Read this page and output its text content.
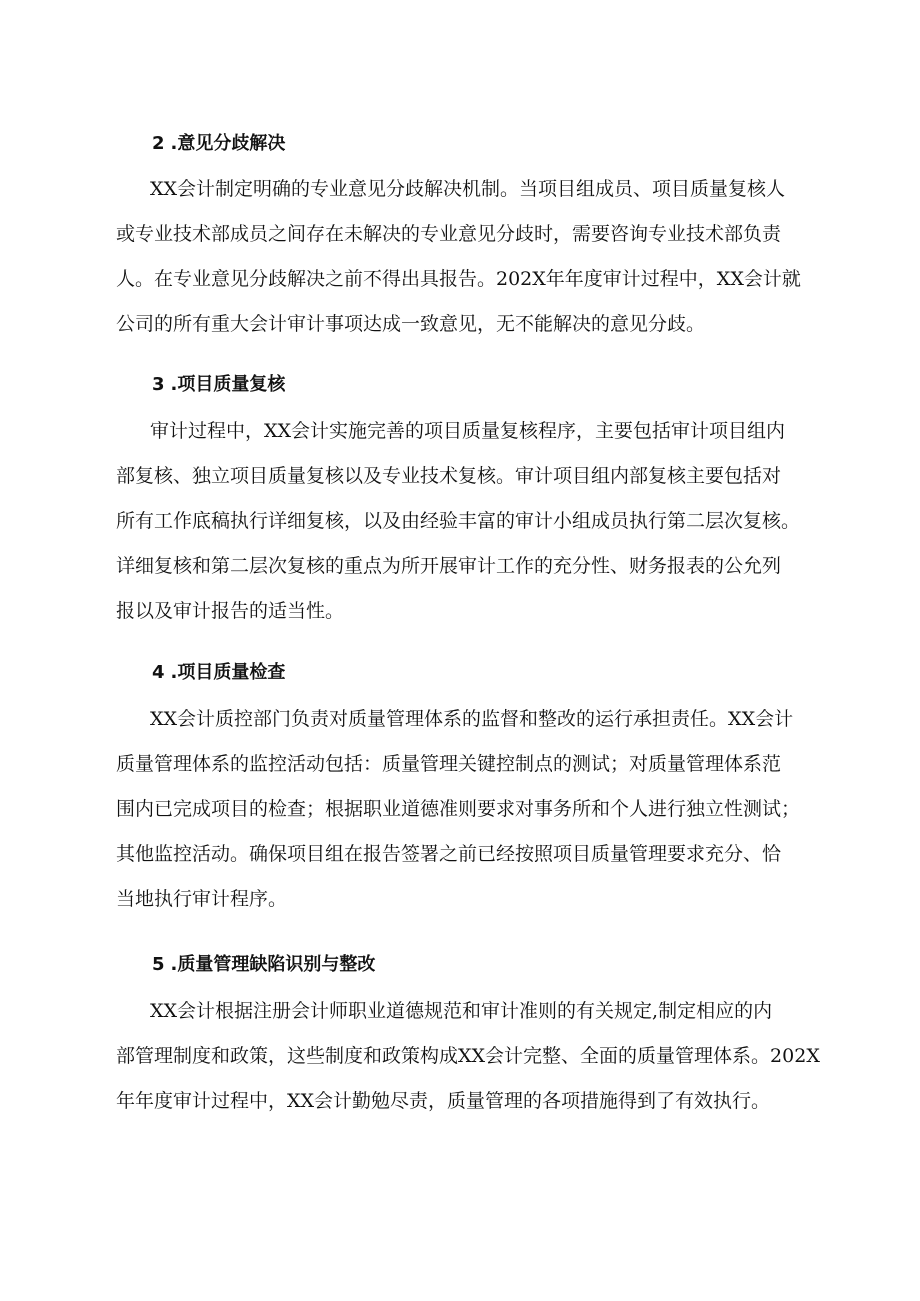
2 .意见分歧解决
XX会计制定明确的专业意见分歧解决机制。当项目组成员、项目质量复核人
或专业技术部成员之间存在未解决的专业意见分歧时，需要咨询专业技术部负责
人。在专业意见分歧解决之前不得出具报告。202X年年度审计过程中，XX会计就
公司的所有重大会计审计事项达成一致意见，无不能解决的意见分歧。
3 .项目质量复核
审计过程中，XX会计实施完善的项目质量复核程序，主要包括审计项目组内
部复核、独立项目质量复核以及专业技术复核。审计项目组内部复核主要包括对
所有工作底稿执行详细复核，以及由经验丰富的审计小组成员执行第二层次复核。
详细复核和第二层次复核的重点为所开展审计工作的充分性、财务报表的公允列
报以及审计报告的适当性。
4 .项目质量检查
XX会计质控部门负责对质量管理体系的监督和整改的运行承担责任。XX会计
质量管理体系的监控活动包括：质量管理关键控制点的测试；对质量管理体系范
围内已完成项目的检查；根据职业道德准则要求对事务所和个人进行独立性测试；
其他监控活动。确保项目组在报告签署之前已经按照项目质量管理要求充分、恰
当地执行审计程序。
5 .质量管理缺陷识别与整改
XX会计根据注册会计师职业道德规范和审计准则的有关规定,制定相应的内
部管理制度和政策，这些制度和政策构成XX会计完整、全面的质量管理体系。202X
年年度审计过程中，XX会计勤勉尽责，质量管理的各项措施得到了有效执行。
